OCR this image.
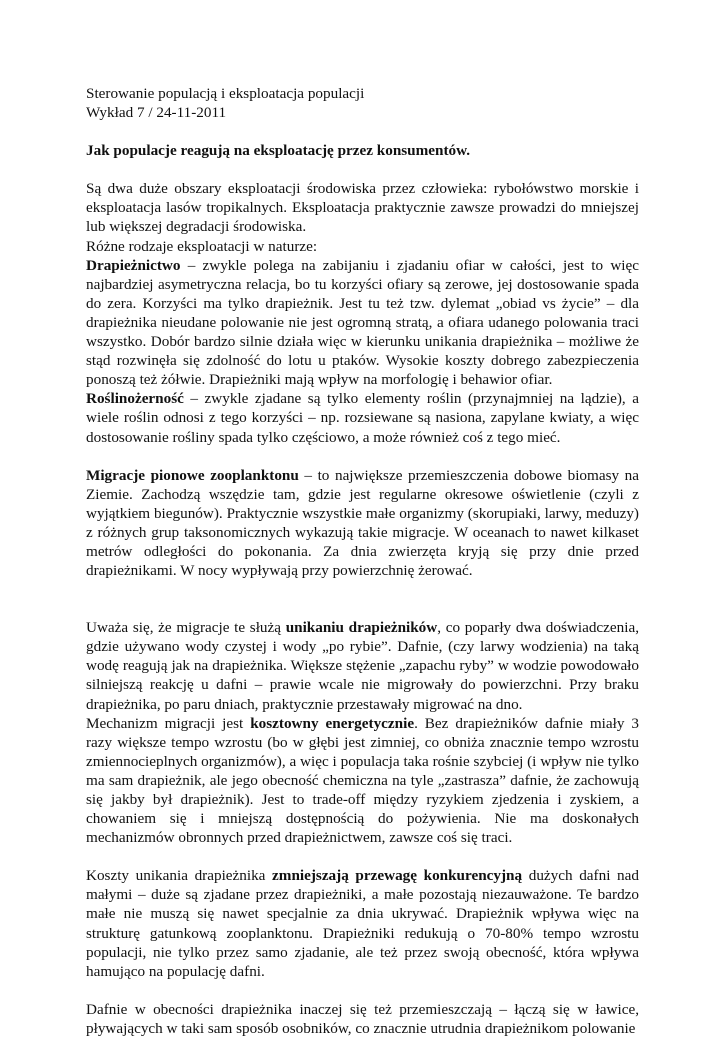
Sterowanie populacją i eksploatacja populacji
Wykład 7 / 24-11-2011

Jak populacje reagują na eksploatację przez konsumentów.

Są dwa duże obszary eksploatacji środowiska przez człowieka: rybołówstwo morskie i eksploatacja lasów tropikalnych. Eksploatacja praktycznie zawsze prowadzi do mniejszej lub większej degradacji środowiska.

Różne rodzaje eksploatacji w naturze:

Drapieżnictwo – zwykle polega na zabijaniu i zjadaniu ofiar w całości, jest to więc najbardziej asymetryczna relacja, bo tu korzyści ofiary są zerowe, jej dostosowanie spada do zera. Korzyści ma tylko drapieżnik. Jest tu też tzw. dylemat „obiad vs życie” – dla drapieżnika nieudane polowanie nie jest ogromną stratą, a ofiara udanego polowania traci wszystko. Dobór bardzo silnie działa więc w kierunku unikania drapieżnika – możliwe że stąd rozwinęła się zdolność do lotu u ptaków. Wysokie koszty dobrego zabezpieczenia ponoszą też żółwie. Drapieżniki mają wpływ na morfologię i behawior ofiar.

Roślinożerność – zwykle zjadane są tylko elementy roślin (przynajmniej na lądzie), a wiele roślin odnosi z tego korzyści – np. rozsiewane są nasiona, zapylane kwiaty, a więc dostosowanie rośliny spada tylko częściowo, a może również coś z tego mieć.

Migracje pionowe zooplanktonu – to największe przemieszczenia dobowe biomasy na Ziemie. Zachodzą wszędzie tam, gdzie jest regularne okresowe oświetlenie (czyli z wyjątkiem biegunów). Praktycznie wszystkie małe organizmy (skorupiaki, larwy, meduzy) z różnych grup taksonomicznych wykazują takie migracje. W oceanach to nawet kilkaset metrów odległości do pokonania. Za dnia zwierzęta kryją się przy dnie przed drapieżnikami. W nocy wypływają przy powierzchnię żerować.

Uważa się, że migracje te służą unikaniu drapieżników, co poparły dwa doświadczenia, gdzie używano wody czystej i wody „po rybie”. Dafnie, (czy larwy wodzienia) na taką wodę reagują jak na drapieżnika. Większe stężenie „zapachu ryby” w wodzie powodowało silniejszą reakcję u dafni – prawie wcale nie migrowały do powierzchni. Przy braku drapieżnika, po paru dniach, praktycznie przestawały migrować na dno.

Mechanizm migracji jest kosztowny energetycznie. Bez drapieżników dafnie miały 3 razy większe tempo wzrostu (bo w głębi jest zimniej, co obniża znacznie tempo wzrostu zmiennocieplnych organizmów), a więc i populacja taka rośnie szybciej (i wpływ nie tylko ma sam drapieżnik, ale jego obecność chemiczna na tyle „zastrasza” dafnie, że zachowują się jakby był drapieżnik). Jest to trade-off między ryzykiem zjedzenia i zyskiem, a chowaniem się i mniejszą dostępnością do pożywienia. Nie ma doskonałych mechanizmów obronnych przed drapieżnictwem, zawsze coś się traci.

Koszty unikania drapieżnika zmniejszają przewagę konkurencyjną dużych dafni nad małymi – duże są zjadane przez drapieżniki, a małe pozostają niezauważone. Te bardzo małe nie muszą się nawet specjalnie za dnia ukrywać. Drapieżnik wpływa więc na strukturę gatunkową zooplanktonu. Drapieżniki redukują o 70-80% tempo wzrostu populacji, nie tylko przez samo zjadanie, ale też przez swoją obecność, która wpływa hamująco na populację dafni.

Dafnie w obecności drapieżnika inaczej się też przemieszczają – łączą się w ławice, pływających w taki sam sposób osobników, co znacznie utrudnia drapieżnikom polowanie
